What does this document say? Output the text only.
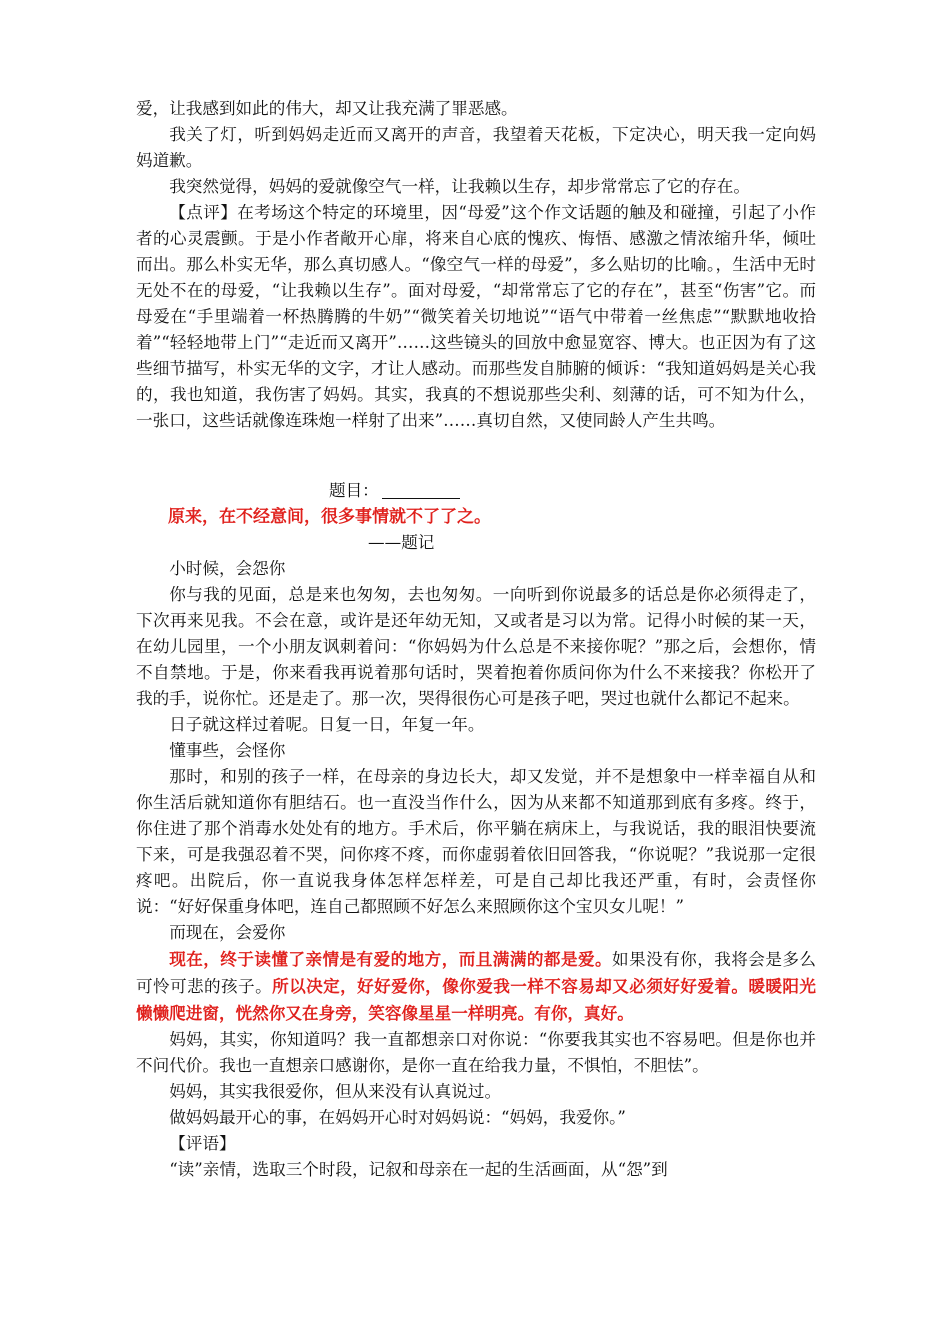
爱，让我感到如此的伟大，却又让我充满了罪恶感。

我关了灯，听到妈妈走近而又离开的声音，我望着天花板，下定决心，明天我一定向妈妈道歉。

我突然觉得，妈妈的爱就像空气一样，让我赖以生存，却步常常忘了它的存在。

【点评】在考场这个特定的环境里，因“母爱”这个作文话题的触及和碰撞，引起了小作者的心灵震颤。于是小作者敞开心扉，将来自心底的愧疚、悔悟、感激之情浓缩升华，倾吐而出。那么朴实无华，那么真切感人。“像空气一样的母爱”，多么贴切的比喻。，生活中无时无处不在的母爱，“让我赖以生存”。面对母爱，“却常常忘了它的存在”，甚至“伤害”它。而母爱在“手里端着一杯热腾腾的牛奶”“微笑着关切地说”“语气中带着一丝焦虑”“默默地收拾着”“轻轻地带上门”“走近而又离开”……这些镜头的回放中愈显宽容、博大。也正因为有了这些细节描写，朴实无华的文字，才让人感动。而那些发自肺腑的倾诉：“我知道妈妈是关心我的，我也知道，我伤害了妈妈。其实，我真的不想说那些尖利、刻薄的话，可不知为什么，一张口，这些话就像连珠炮一样射了出来”……真切自然，又使同龄人产生共鸣。

题目：

原来，在不经意间，很多事情就不了了之。

——题记

小时候，会怨你

你与我的见面，总是来也匆匆，去也匆匆。一向听到你说最多的话总是你必须得走了，下次再来见我。不会在意，或许是还年幼无知，又或者是习以为常。记得小时候的某一天，在幼儿园里，一个小朋友讽刺着问：“你妈妈为什么总是不来接你呢？”那之后，会想你，情不自禁地。于是，你来看我再说着那句话时，哭着抱着你质问你为什么不来接我？你松开了我的手，说你忙。还是走了。那一次，哭得很伤心可是孩子吧，哭过也就什么都记不起来。

日子就这样过着呢。日复一日，年复一年。

懂事些，会怪你

那时，和别的孩子一样，在母亲的身边长大，却又发觉，并不是想象中一样幸福自从和你生活后就知道你有胆结石。也一直没当作什么，因为从来都不知道那到底有多疼。终于，你住进了那个消毒水处处有的地方。手术后，你平躺在病床上，与我说话，我的眼泪快要流下来，可是我强忍着不哭，问你疼不疼，而你虚弱着依旧回答我，“你说呢？”我说那一定很疼吧。出院后，你一直说我身体怎样怎样差，可是自己却比我还严重，有时，会责怪你说：“好好保重身体吧，连自己都照顾不好怎么来照顾你这个宝贝女儿呢！”

而现在，会爱你

现在，终于读懂了亲情是有爱的地方，而且满满的都是爱。如果没有你，我将会是多么可怜可悲的孩子。所以决定，好好爱你，像你爱我一样不容易却又必须好好爱着。暖暖阳光懒懒爬进窗，恍然你又在身旁，笑容像星星一样明亮。有你，真好。

妈妈，其实，你知道吗？我一直都想亲口对你说：“你要我其实也不容易吧。但是你也并不问代价。我也一直想亲口感谢你，是你一直在给我力量，不惧怕，不胆怯”。

妈妈，其实我很爱你，但从来没有认真说过。

做妈妈最开心的事，在妈妈开心时对妈妈说：“妈妈，我爱你。”

【评语】

“读”亲情，选取三个时段，记叙和母亲在一起的生活画面，从“怨”到
